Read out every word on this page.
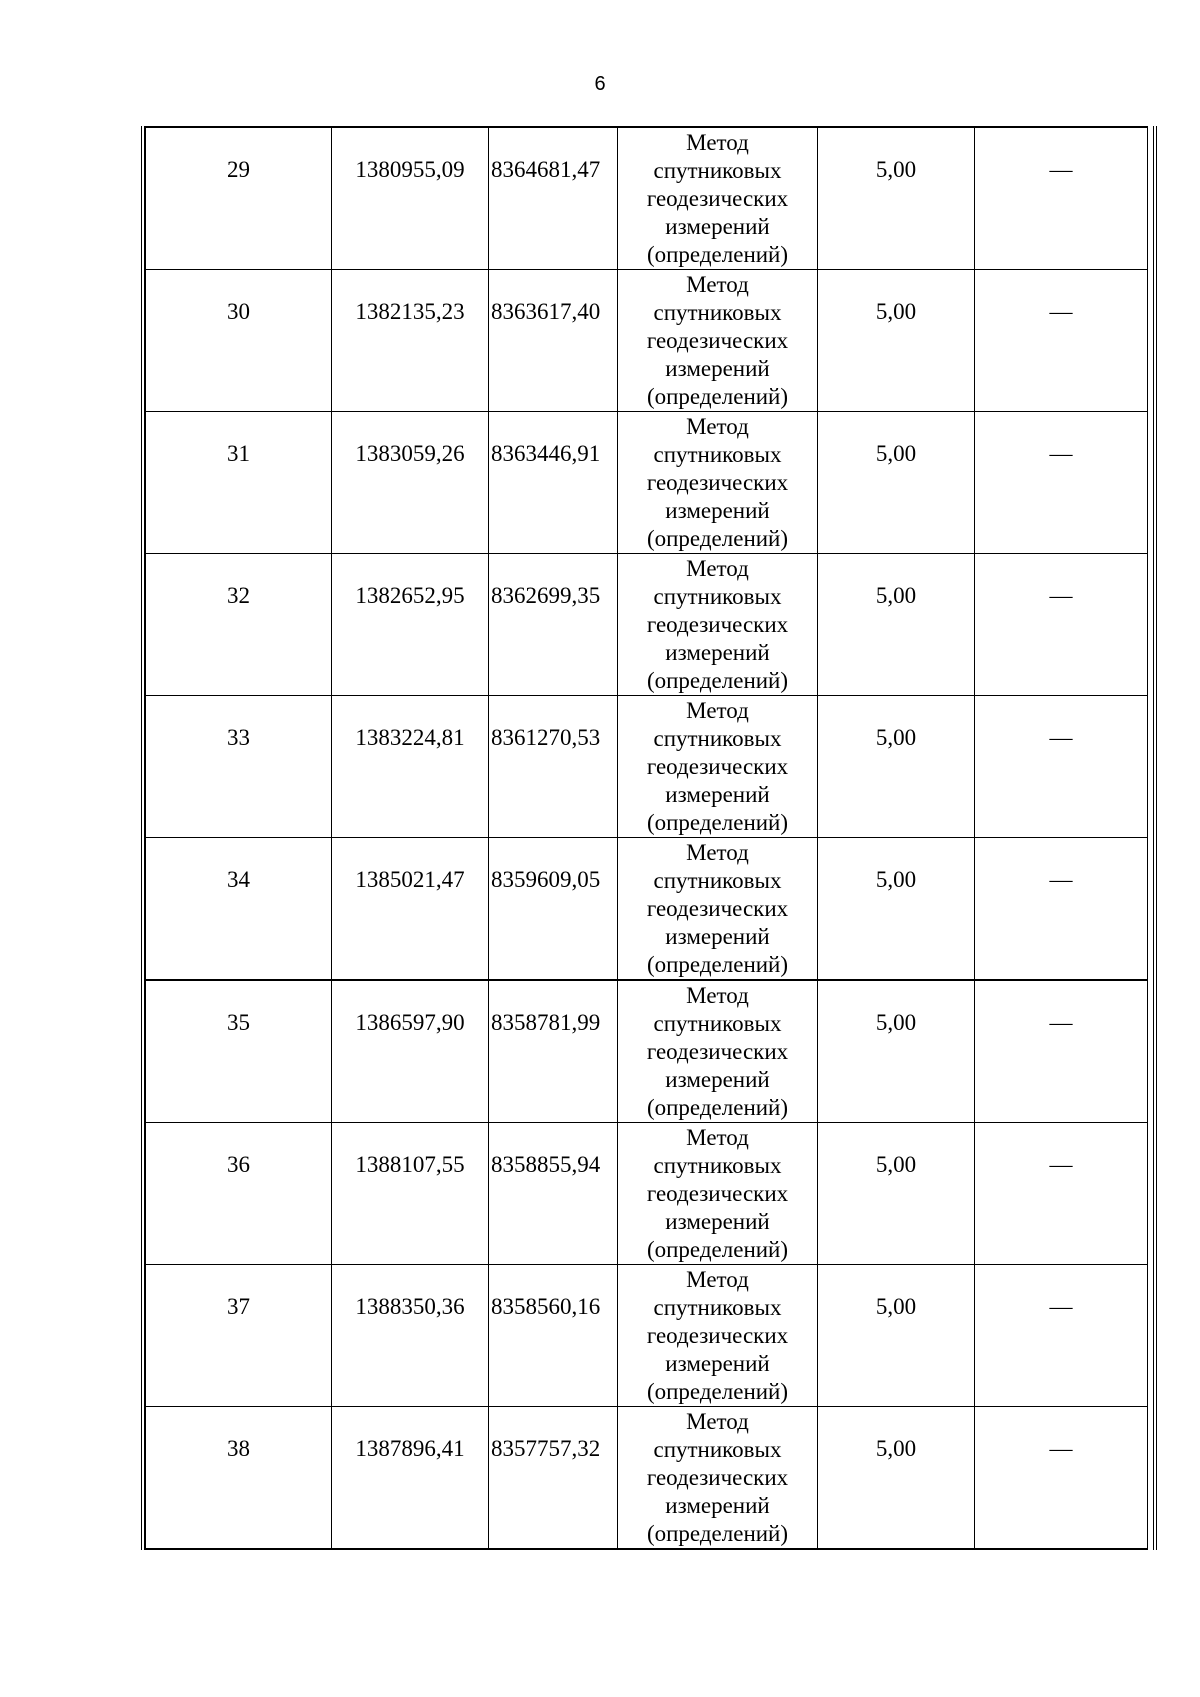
6
29	1380955,09	8364681,47	Метод
спутниковых
геодезических
измерений
(определений)	5,00	—
30	1382135,23	8363617,40	Метод
спутниковых
геодезических
измерений
(определений)	5,00	—
31	1383059,26	8363446,91	Метод
спутниковых
геодезических
измерений
(определений)	5,00	—
32	1382652,95	8362699,35	Метод
спутниковых
геодезических
измерений
(определений)	5,00	—
33	1383224,81	8361270,53	Метод
спутниковых
геодезических
измерений
(определений)	5,00	—
34	1385021,47	8359609,05	Метод
спутниковых
геодезических
измерений
(определений)	5,00	—
35	1386597,90	8358781,99	Метод
спутниковых
геодезических
измерений
(определений)	5,00	—
36	1388107,55	8358855,94	Метод
спутниковых
геодезических
измерений
(определений)	5,00	—
37	1388350,36	8358560,16	Метод
спутниковых
геодезических
измерений
(определений)	5,00	—
38	1387896,41	8357757,32	Метод
спутниковых
геодезических
измерений
(определений)	5,00	—
